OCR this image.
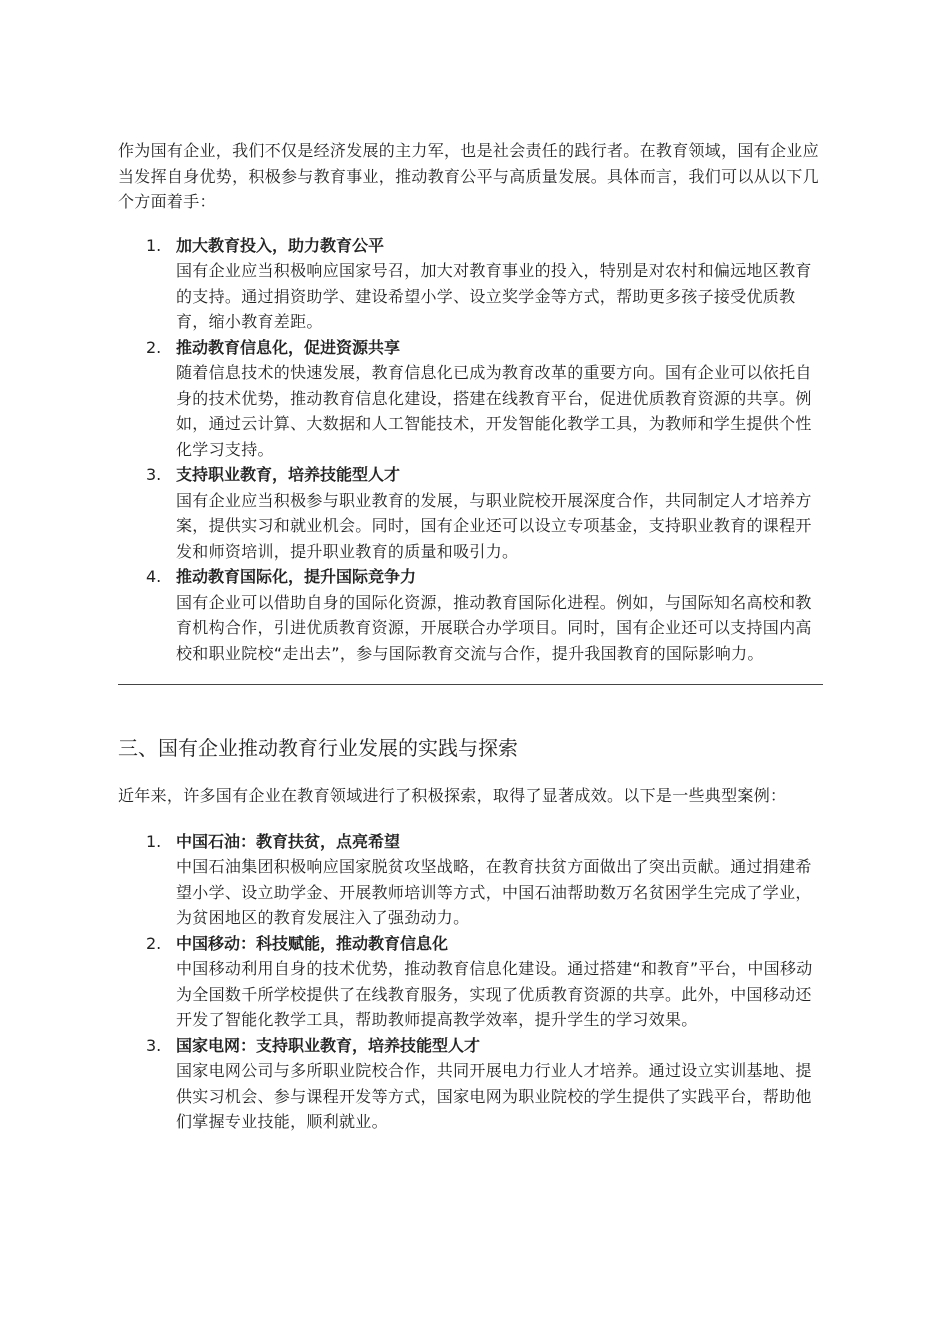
作为国有企业，我们不仅是经济发展的主力军，也是社会责任的践行者。在教育领域，国有企业应当发挥自身优势，积极参与教育事业，推动教育公平与高质量发展。具体而言，我们可以从以下几个方面着手：

1. 加大教育投入，助力教育公平
国有企业应当积极响应国家号召，加大对教育事业的投入，特别是对农村和偏远地区教育的支持。通过捐资助学、建设希望小学、设立奖学金等方式，帮助更多孩子接受优质教育，缩小教育差距。
2. 推动教育信息化，促进资源共享
随着信息技术的快速发展，教育信息化已成为教育改革的重要方向。国有企业可以依托自身的技术优势，推动教育信息化建设，搭建在线教育平台，促进优质教育资源的共享。例如，通过云计算、大数据和人工智能技术，开发智能化教学工具，为教师和学生提供个性化学习支持。
3. 支持职业教育，培养技能型人才
国有企业应当积极参与职业教育的发展，与职业院校开展深度合作，共同制定人才培养方案，提供实习和就业机会。同时，国有企业还可以设立专项基金，支持职业教育的课程开发和师资培训，提升职业教育的质量和吸引力。
4. 推动教育国际化，提升国际竞争力
国有企业可以借助自身的国际化资源，推动教育国际化进程。例如，与国际知名高校和教育机构合作，引进优质教育资源，开展联合办学项目。同时，国有企业还可以支持国内高校和职业院校“走出去”，参与国际教育交流与合作，提升我国教育的国际影响力。
三、国有企业推动教育行业发展的实践与探索

近年来，许多国有企业在教育领域进行了积极探索，取得了显著成效。以下是一些典型案例：

1. 中国石油：教育扶贫，点亮希望
中国石油集团积极响应国家脱贫攻坚战略，在教育扶贫方面做出了突出贡献。通过捐建希望小学、设立助学金、开展教师培训等方式，中国石油帮助数万名贫困学生完成了学业，为贫困地区的教育发展注入了强劲动力。
2. 中国移动：科技赋能，推动教育信息化
中国移动利用自身的技术优势，推动教育信息化建设。通过搭建“和教育”平台，中国移动为全国数千所学校提供了在线教育服务，实现了优质教育资源的共享。此外，中国移动还开发了智能化教学工具，帮助教师提高教学效率，提升学生的学习效果。
3. 国家电网：支持职业教育，培养技能型人才
国家电网公司与多所职业院校合作，共同开展电力行业人才培养。通过设立实训基地、提供实习机会、参与课程开发等方式，国家电网为职业院校的学生提供了实践平台，帮助他们掌握专业技能，顺利就业。
